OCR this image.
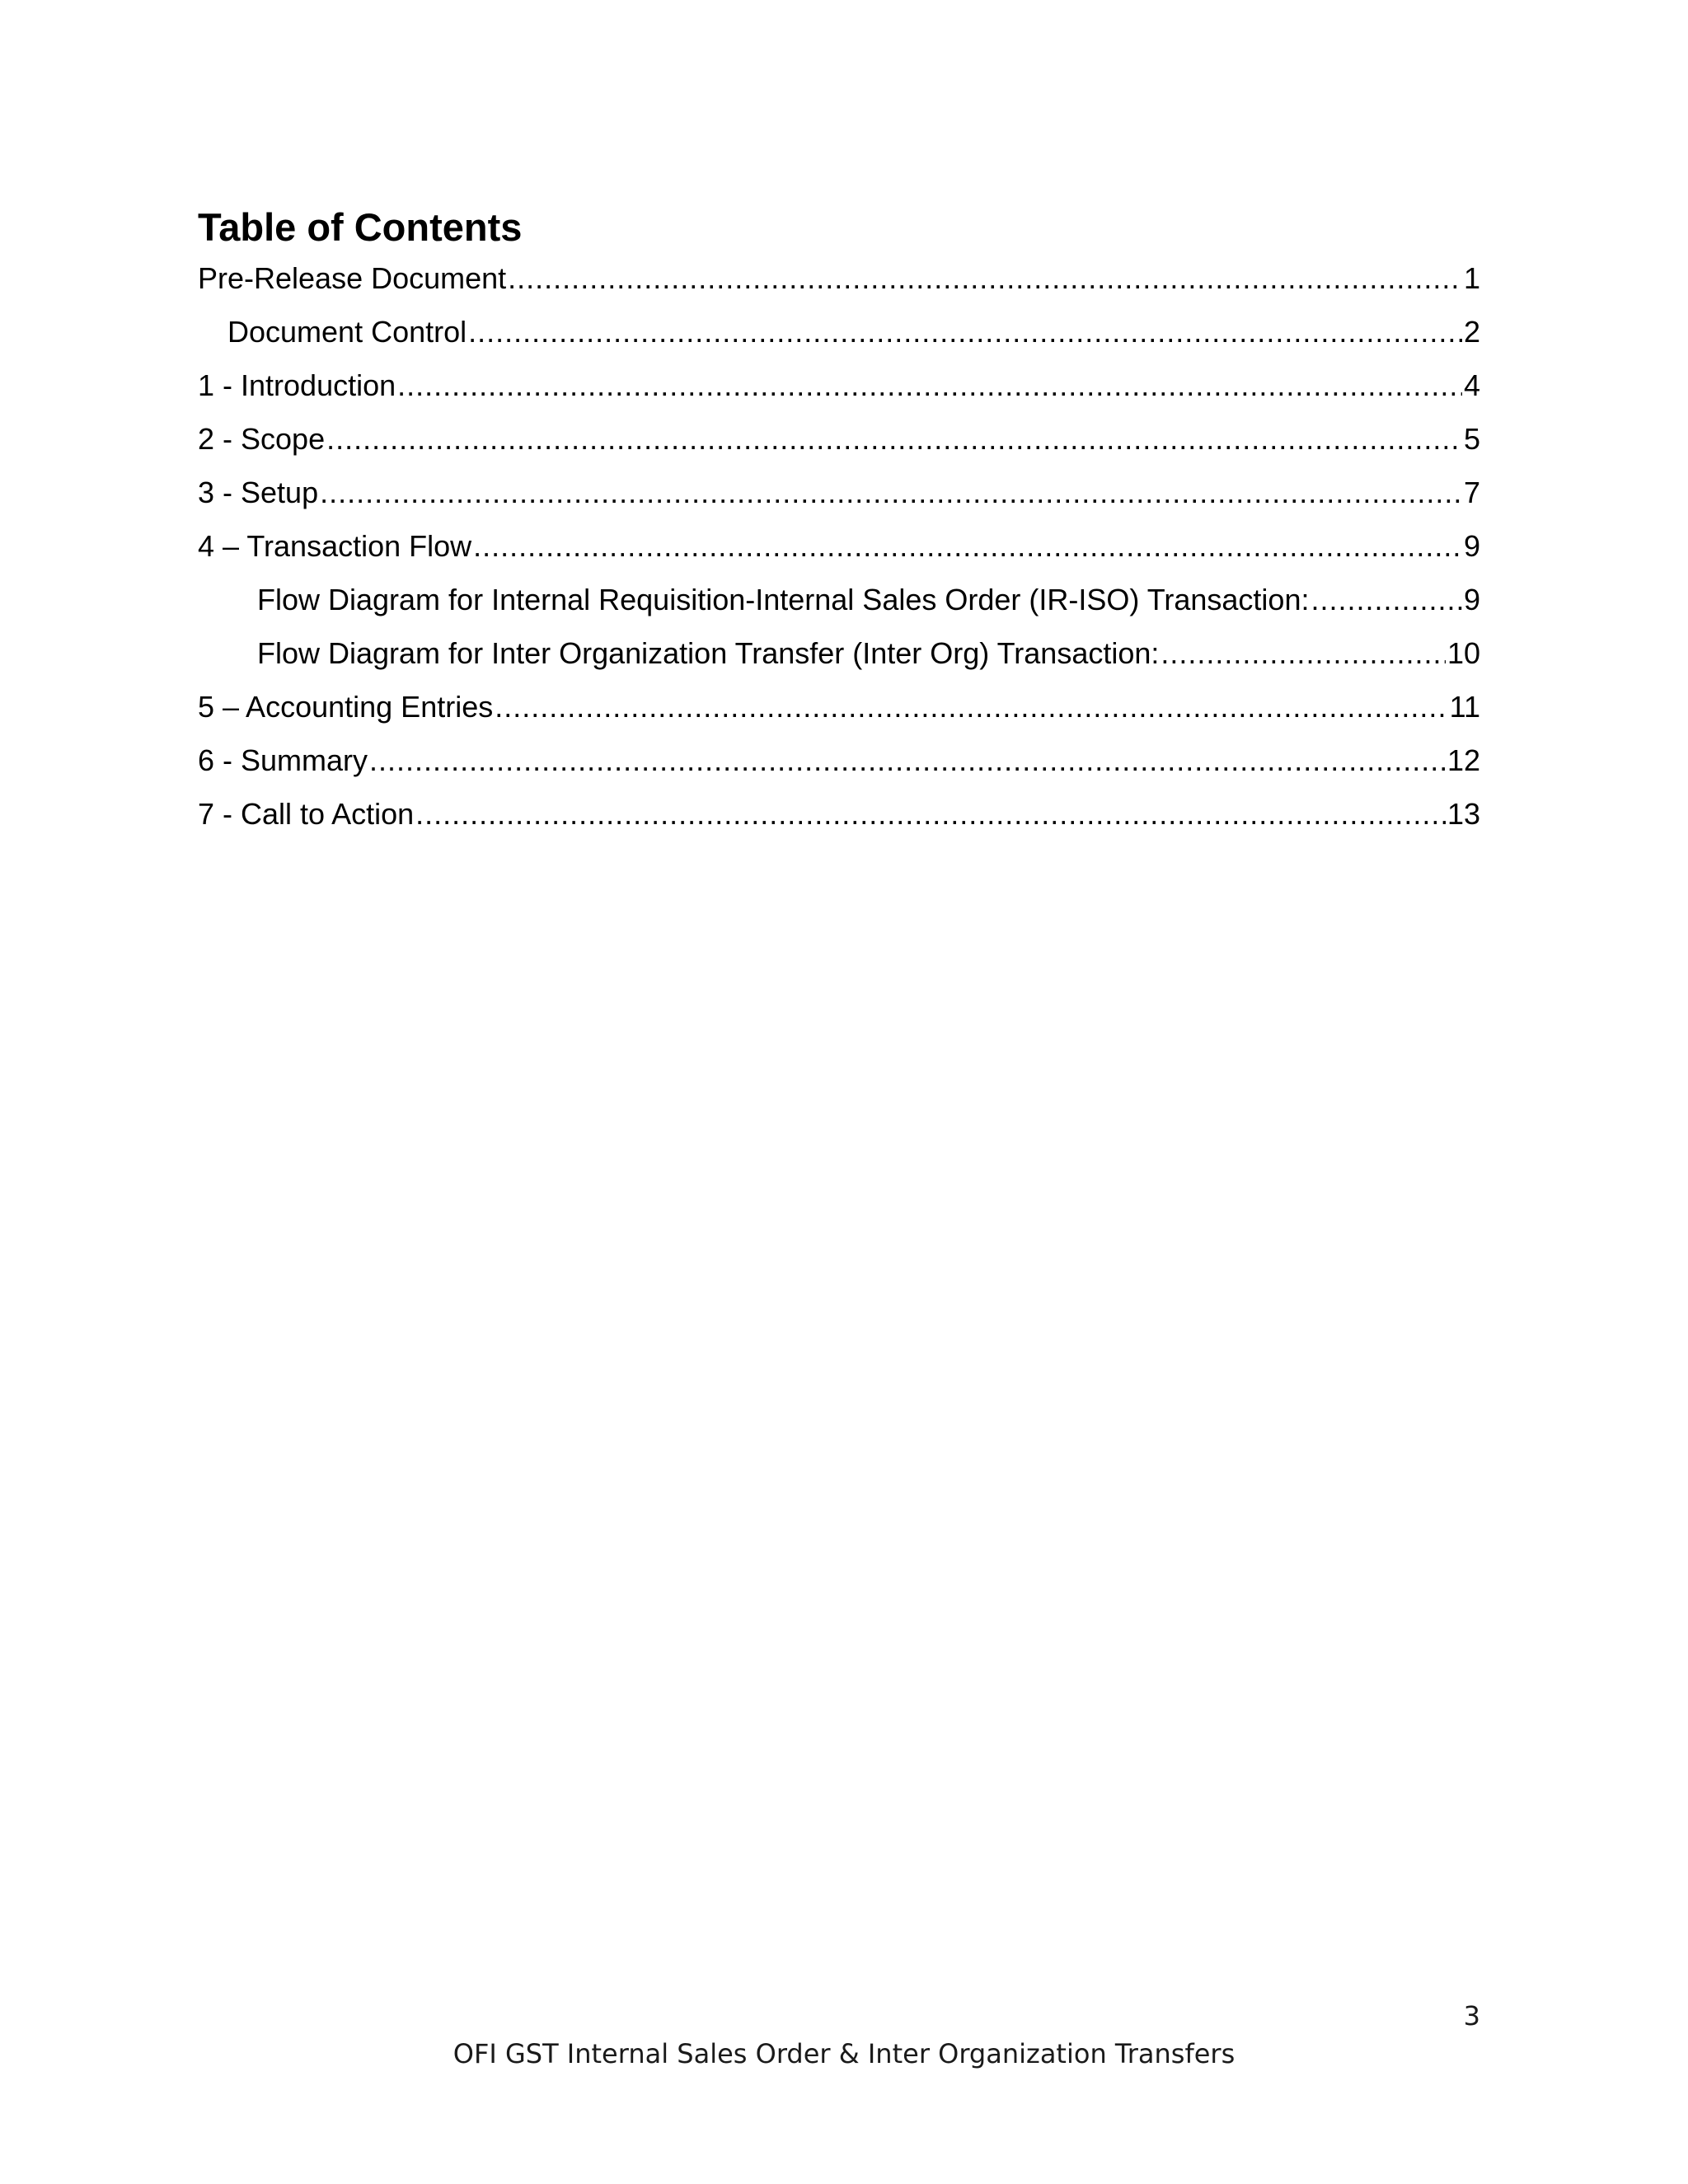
Table of Contents
Pre-Release Document .....	1
Document Control .....	2
1 - Introduction .....	4
2 - Scope .....	5
3 - Setup .....	7
4 – Transaction Flow .....	9
Flow Diagram for Internal Requisition-Internal Sales Order (IR-ISO) Transaction: .....	9
Flow Diagram for Inter Organization Transfer (Inter Org) Transaction: .....	10
5 – Accounting Entries .....	11
6 - Summary .....	12
7 - Call to Action .....	13
3
OFI GST Internal Sales Order & Inter Organization Transfers
